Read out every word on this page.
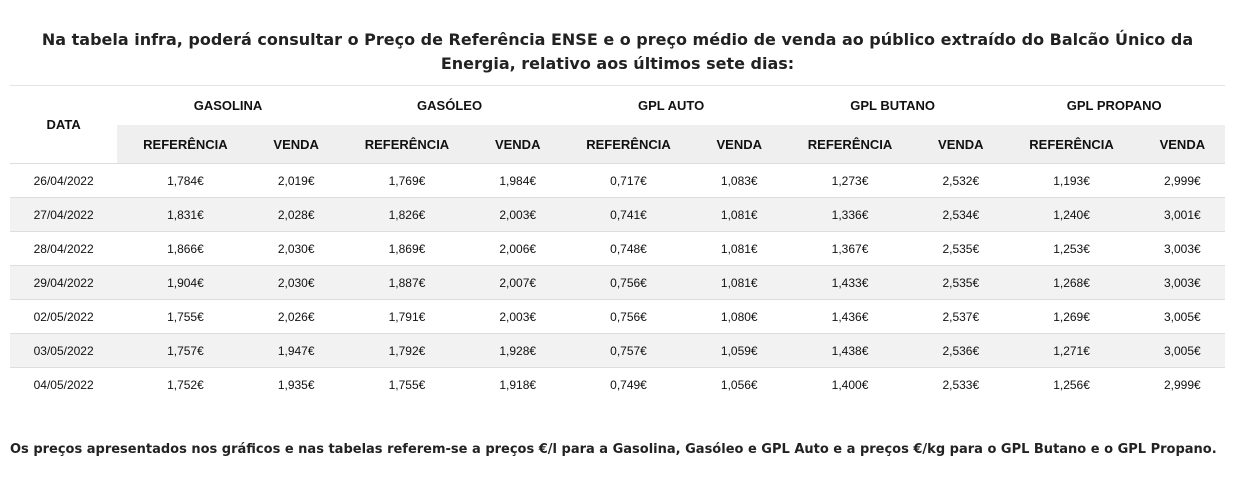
Na tabela infra, poderá consultar o Preço de Referência ENSE e o preço médio de venda ao público extraído do Balcão Único da Energia, relativo aos últimos sete dias:
DATA	GASOLINA		GASÓLEO		GPL AUTO		GPL BUTANO		GPL PROPANO	
	REFERÊNCIA	VENDA	REFERÊNCIA	VENDA	REFERÊNCIA	VENDA	REFERÊNCIA	VENDA	REFERÊNCIA	VENDA
26/04/2022	1,784€	2,019€	1,769€	1,984€	0,717€	1,083€	1,273€	2,532€	1,193€	2,999€
27/04/2022	1,831€	2,028€	1,826€	2,003€	0,741€	1,081€	1,336€	2,534€	1,240€	3,001€
28/04/2022	1,866€	2,030€	1,869€	2,006€	0,748€	1,081€	1,367€	2,535€	1,253€	3,003€
29/04/2022	1,904€	2,030€	1,887€	2,007€	0,756€	1,081€	1,433€	2,535€	1,268€	3,003€
02/05/2022	1,755€	2,026€	1,791€	2,003€	0,756€	1,080€	1,436€	2,537€	1,269€	3,005€
03/05/2022	1,757€	1,947€	1,792€	1,928€	0,757€	1,059€	1,438€	2,536€	1,271€	3,005€
04/05/2022	1,752€	1,935€	1,755€	1,918€	0,749€	1,056€	1,400€	2,533€	1,256€	2,999€
Os preços apresentados nos gráficos e nas tabelas referem-se a preços €/l para a Gasolina, Gasóleo e GPL Auto e a preços €/kg para o GPL Butano e o GPL Propano.
